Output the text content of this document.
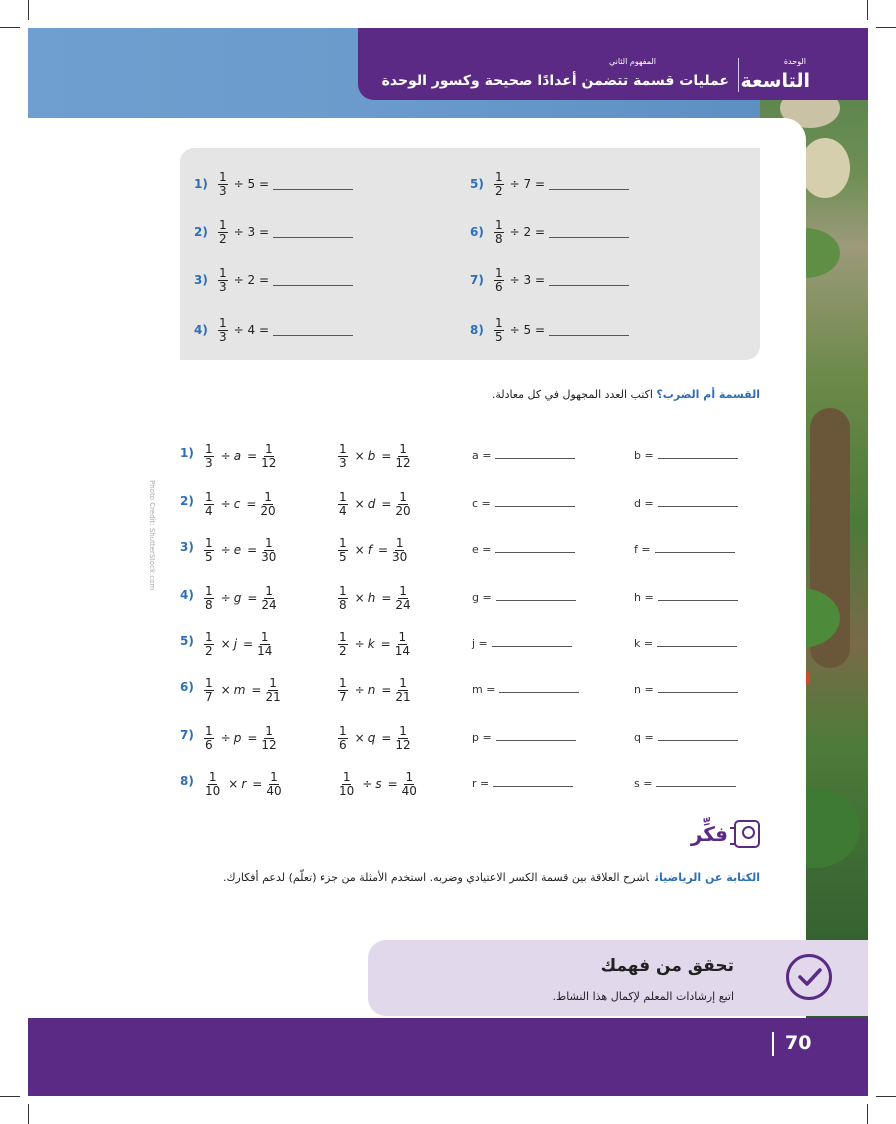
الوحدة
التاسعة
المفهوم الثاني
عمليات قسمة تتضمن أعدادًا صحيحة وكسور الوحدة
$1) \frac{1}{3} \div 5$ =
$2) \frac{1}{2} \div 3$ =
$3) \frac{1}{3} \div 2$ =
$4) \frac{1}{3} \div 4$ =
$5) \frac{1}{2} \div 7$ =
$6) \frac{1}{8} \div 2$ =
$7) \frac{1}{6} \div 3$ =
$8) \frac{1}{5} \div 5$ =
القسمة أم الضرب؟ اكتب العدد المجهول في كل معادلة.
$1) \frac{1}{3} \div a = \frac{1}{12}$	$\frac{1}{3} \times b = \frac{1}{12}$	a =	b =
$2) \frac{1}{4} \div c = \frac{1}{20}$	$\frac{1}{4} \times d = \frac{1}{20}$	c =	d =
$3) \frac{1}{5} \div e = \frac{1}{30}$	$\frac{1}{5} \times f = \frac{1}{30}$	e =	f =
$4) \frac{1}{8} \div g = \frac{1}{24}$	$\frac{1}{8} \times h = \frac{1}{24}$	g =	h =
$5) \frac{1}{2} \times j = \frac{1}{14}$	$\frac{1}{2} \div k = \frac{1}{14}$	j =	k =
$6) \frac{1}{7} \times m = \frac{1}{21}$	$\frac{1}{7} \div n = \frac{1}{21}$	m =	n =
$7) \frac{1}{6} \div p = \frac{1}{12}$	$\frac{1}{6} \times q = \frac{1}{12}$	p =	q =
$8) \frac{1}{10} \times r = \frac{1}{40}$	$\frac{1}{10} \div s = \frac{1}{40}$	r =	s =
Photo Credit: ShutterStock.com
فكِّر
الكتابة عن الرياضياتاشرح العلاقة بين قسمة الكسر الاعتيادي وضربه. استخدم الأمثلة من جزء (تعلّم) لدعم أفكارك.
تحقق من فهمك
اتبع إرشادات المعلم لإكمال هذا النشاط.
70
